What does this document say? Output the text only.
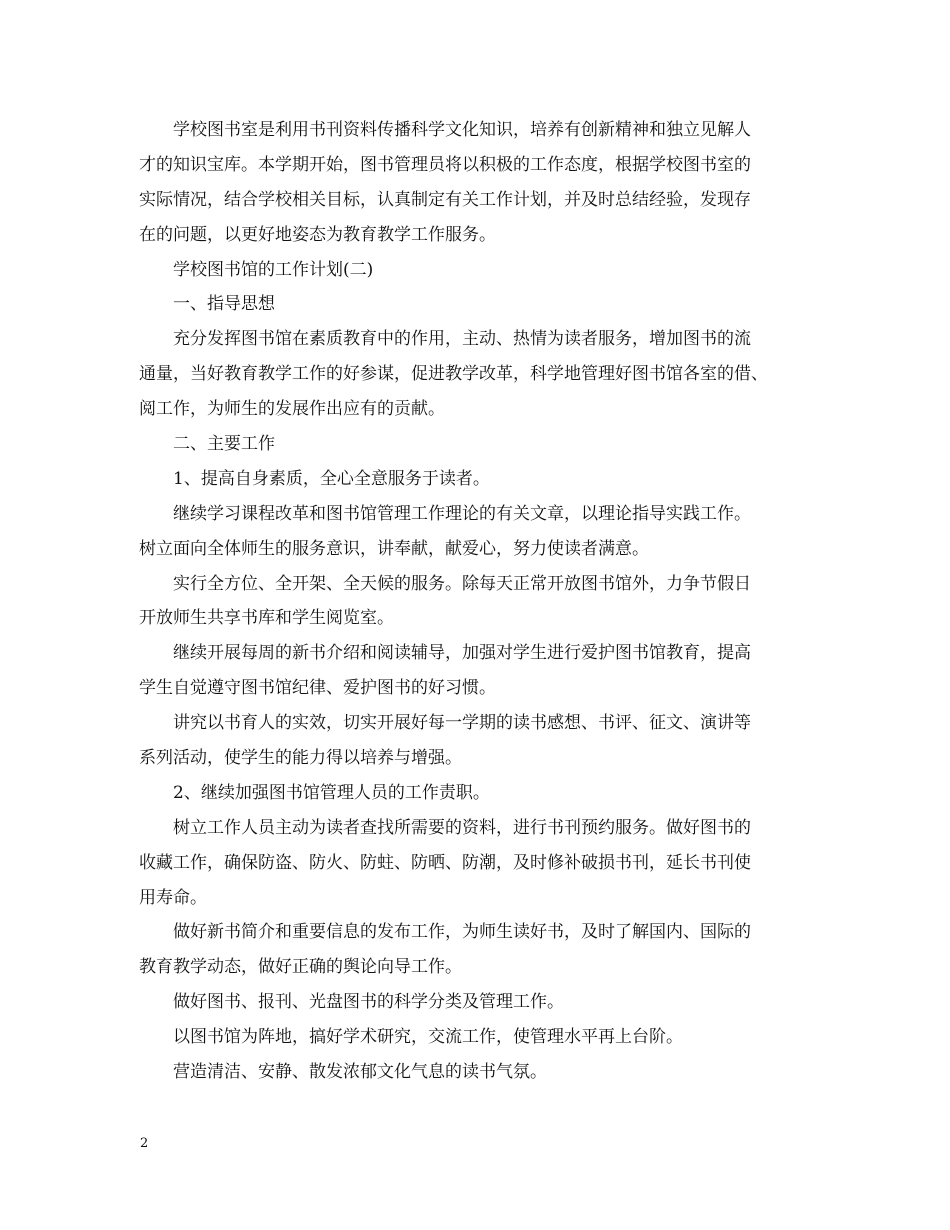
学校图书室是利用书刊资料传播科学文化知识，培养有创新精神和独立见解人
才的知识宝库。本学期开始，图书管理员将以积极的工作态度，根据学校图书室的
实际情况，结合学校相关目标，认真制定有关工作计划，并及时总结经验，发现存
在的问题，以更好地姿态为教育教学工作服务。
学校图书馆的工作计划(二)
一、指导思想
充分发挥图书馆在素质教育中的作用，主动、热情为读者服务，增加图书的流
通量，当好教育教学工作的好参谋，促进教学改革，科学地管理好图书馆各室的借、
阅工作，为师生的发展作出应有的贡献。
二、主要工作
1、提高自身素质，全心全意服务于读者。
继续学习课程改革和图书馆管理工作理论的有关文章，以理论指导实践工作。
树立面向全体师生的服务意识，讲奉献，献爱心，努力使读者满意。
实行全方位、全开架、全天候的服务。除每天正常开放图书馆外，力争节假日
开放师生共享书库和学生阅览室。
继续开展每周的新书介绍和阅读辅导，加强对学生进行爱护图书馆教育，提高
学生自觉遵守图书馆纪律、爱护图书的好习惯。
讲究以书育人的实效，切实开展好每一学期的读书感想、书评、征文、演讲等
系列活动，使学生的能力得以培养与增强。
2、继续加强图书馆管理人员的工作责职。
树立工作人员主动为读者查找所需要的资料，进行书刊预约服务。做好图书的
收藏工作，确保防盗、防火、防蛀、防晒、防潮，及时修补破损书刊，延长书刊使
用寿命。
做好新书简介和重要信息的发布工作，为师生读好书，及时了解国内、国际的
教育教学动态，做好正确的舆论向导工作。
做好图书、报刊、光盘图书的科学分类及管理工作。
以图书馆为阵地，搞好学术研究，交流工作，使管理水平再上台阶。
营造清洁、安静、散发浓郁文化气息的读书气氛。
2
